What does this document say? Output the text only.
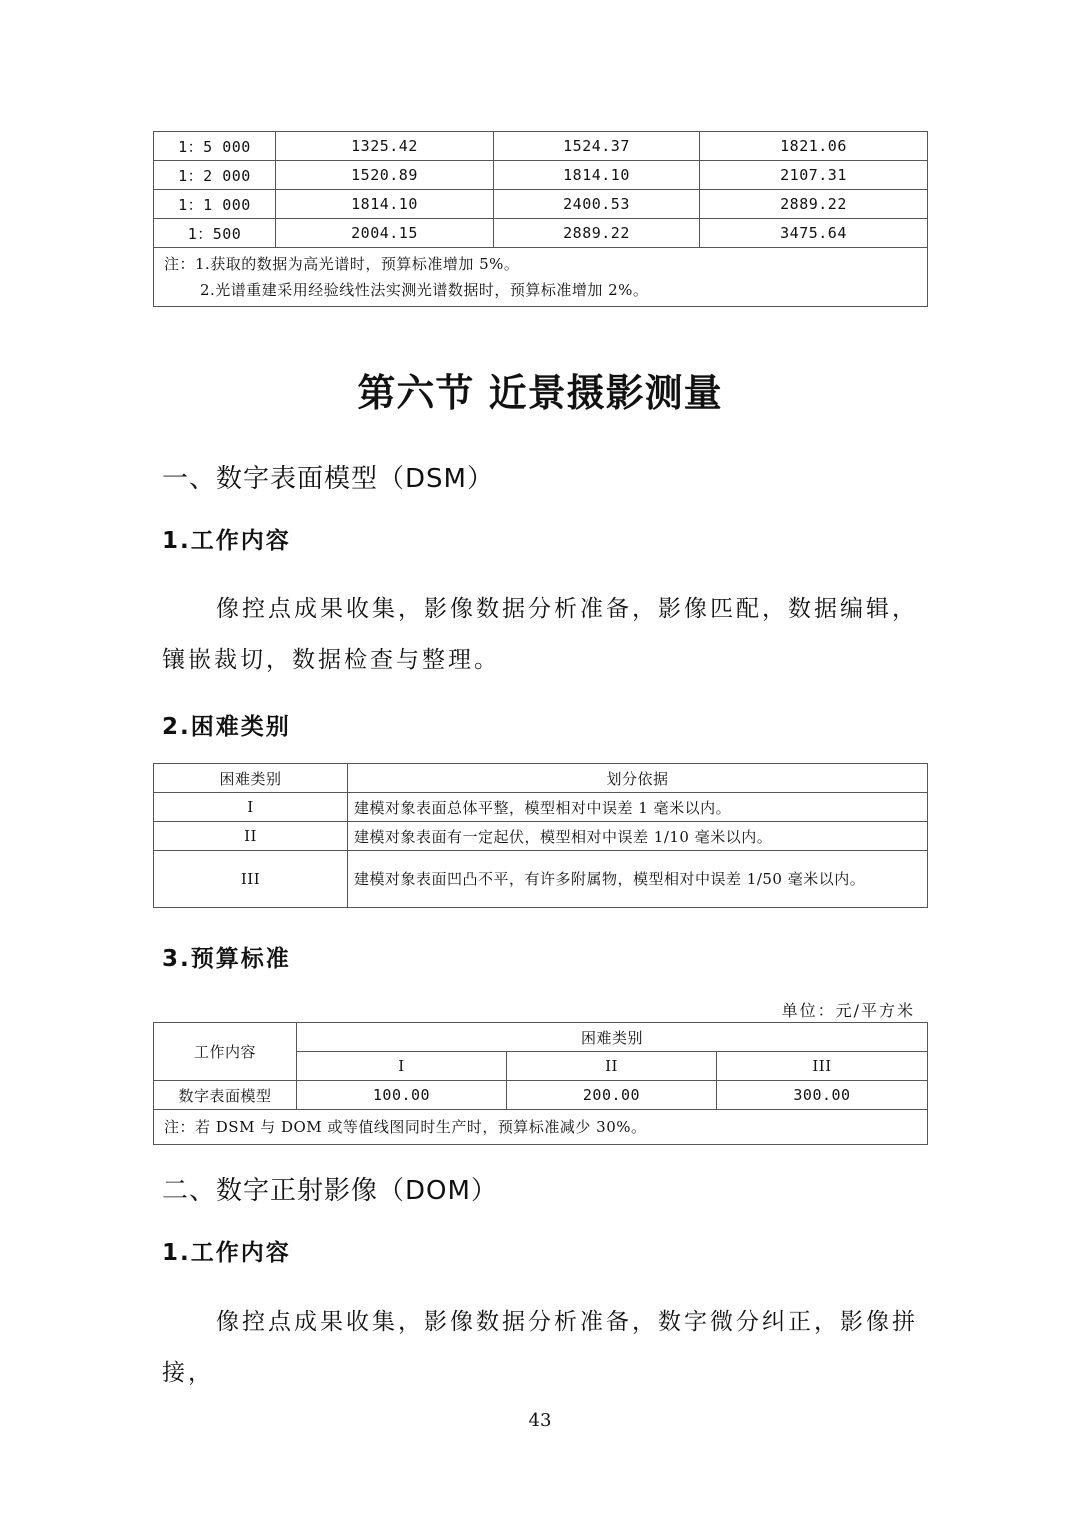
1：5 000	1325.42	1524.37	1821.06
1：2 000	1520.89	1814.10	2107.31
1：1 000	1814.10	2400.53	2889.22
1：500	2004.15	2889.22	3475.64

注：1.获取的数据为高光谱时，预算标准增加 5%。
2.光谱重建采用经验线性法实测光谱数据时，预算标准增加 2%。			
第六节 近景摄影测量
一、数字表面模型（DSM）
1.工作内容
像控点成果收集，影像数据分析准备，影像匹配，数据编辑，镶嵌裁切，数据检查与整理。
2.困难类别
困难类别	划分依据
I	建模对象表面总体平整，模型相对中误差 1 毫米以内。
II	建模对象表面有一定起伏，模型相对中误差 1/10 毫米以内。
III	建模对象表面凹凸不平，有许多附属物，模型相对中误差 1/50 毫米以内。
3.预算标准
单位：元/平方米
工作内容	困难类别		
	I	II	III
数字表面模型	100.00	200.00	300.00
注：若 DSM 与 DOM 或等值线图同时生产时，预算标准减少 30%。			
二、数字正射影像（DOM）
1.工作内容
像控点成果收集，影像数据分析准备，数字微分纠正，影像拼接，
43
